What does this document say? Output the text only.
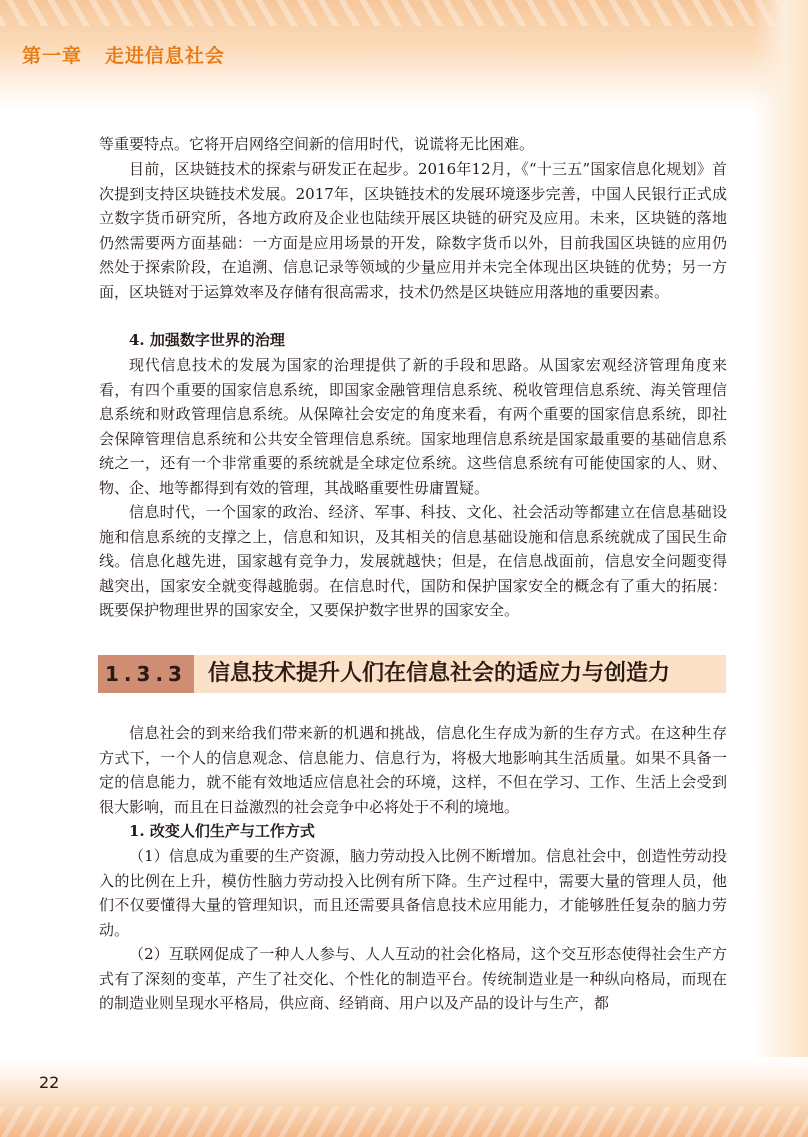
第一章   走进信息社会
等重要特点。它将开启网络空间新的信用时代，说谎将无比困难。
目前，区块链技术的探索与研发正在起步。2016年12月，《“十三五”国家信息化规划》首次提到支持区块链技术发展。2017年，区块链技术的发展环境逐步完善，中国人民银行正式成立数字货币研究所，各地方政府及企业也陆续开展区块链的研究及应用。未来，区块链的落地仍然需要两方面基础：一方面是应用场景的开发，除数字货币以外，目前我国区块链的应用仍然处于探索阶段，在追溯、信息记录等领域的少量应用并未完全体现出区块链的优势；另一方面，区块链对于运算效率及存储有很高需求，技术仍然是区块链应用落地的重要因素。
4. 加强数字世界的治理
现代信息技术的发展为国家的治理提供了新的手段和思路。从国家宏观经济管理角度来看，有四个重要的国家信息系统，即国家金融管理信息系统、税收管理信息系统、海关管理信息系统和财政管理信息系统。从保障社会安定的角度来看，有两个重要的国家信息系统，即社会保障管理信息系统和公共安全管理信息系统。国家地理信息系统是国家最重要的基础信息系统之一，还有一个非常重要的系统就是全球定位系统。这些信息系统有可能使国家的人、财、物、企、地等都得到有效的管理，其战略重要性毋庸置疑。
信息时代，一个国家的政治、经济、军事、科技、文化、社会活动等都建立在信息基础设施和信息系统的支撑之上，信息和知识，及其相关的信息基础设施和信息系统就成了国民生命线。信息化越先进，国家越有竞争力，发展就越快；但是，在信息战面前，信息安全问题变得越突出，国家安全就变得越脆弱。在信息时代，国防和保护国家安全的概念有了重大的拓展：既要保护物理世界的国家安全，又要保护数字世界的国家安全。
1.3.3 信息技术提升人们在信息社会的适应力与创造力
信息社会的到来给我们带来新的机遇和挑战，信息化生存成为新的生存方式。在这种生存方式下，一个人的信息观念、信息能力、信息行为，将极大地影响其生活质量。如果不具备一定的信息能力，就不能有效地适应信息社会的环境，这样，不但在学习、工作、生活上会受到很大影响，而且在日益激烈的社会竞争中必将处于不利的境地。
1. 改变人们生产与工作方式
（1）信息成为重要的生产资源，脑力劳动投入比例不断增加。信息社会中，创造性劳动投入的比例在上升，模仿性脑力劳动投入比例有所下降。生产过程中，需要大量的管理人员，他们不仅要懂得大量的管理知识，而且还需要具备信息技术应用能力，才能够胜任复杂的脑力劳动。
（2）互联网促成了一种人人参与、人人互动的社会化格局，这个交互形态使得社会生产方式有了深刻的变革，产生了社交化、个性化的制造平台。传统制造业是一种纵向格局，而现在的制造业则呈现水平格局，供应商、经销商、用户以及产品的设计与生产，都
22
